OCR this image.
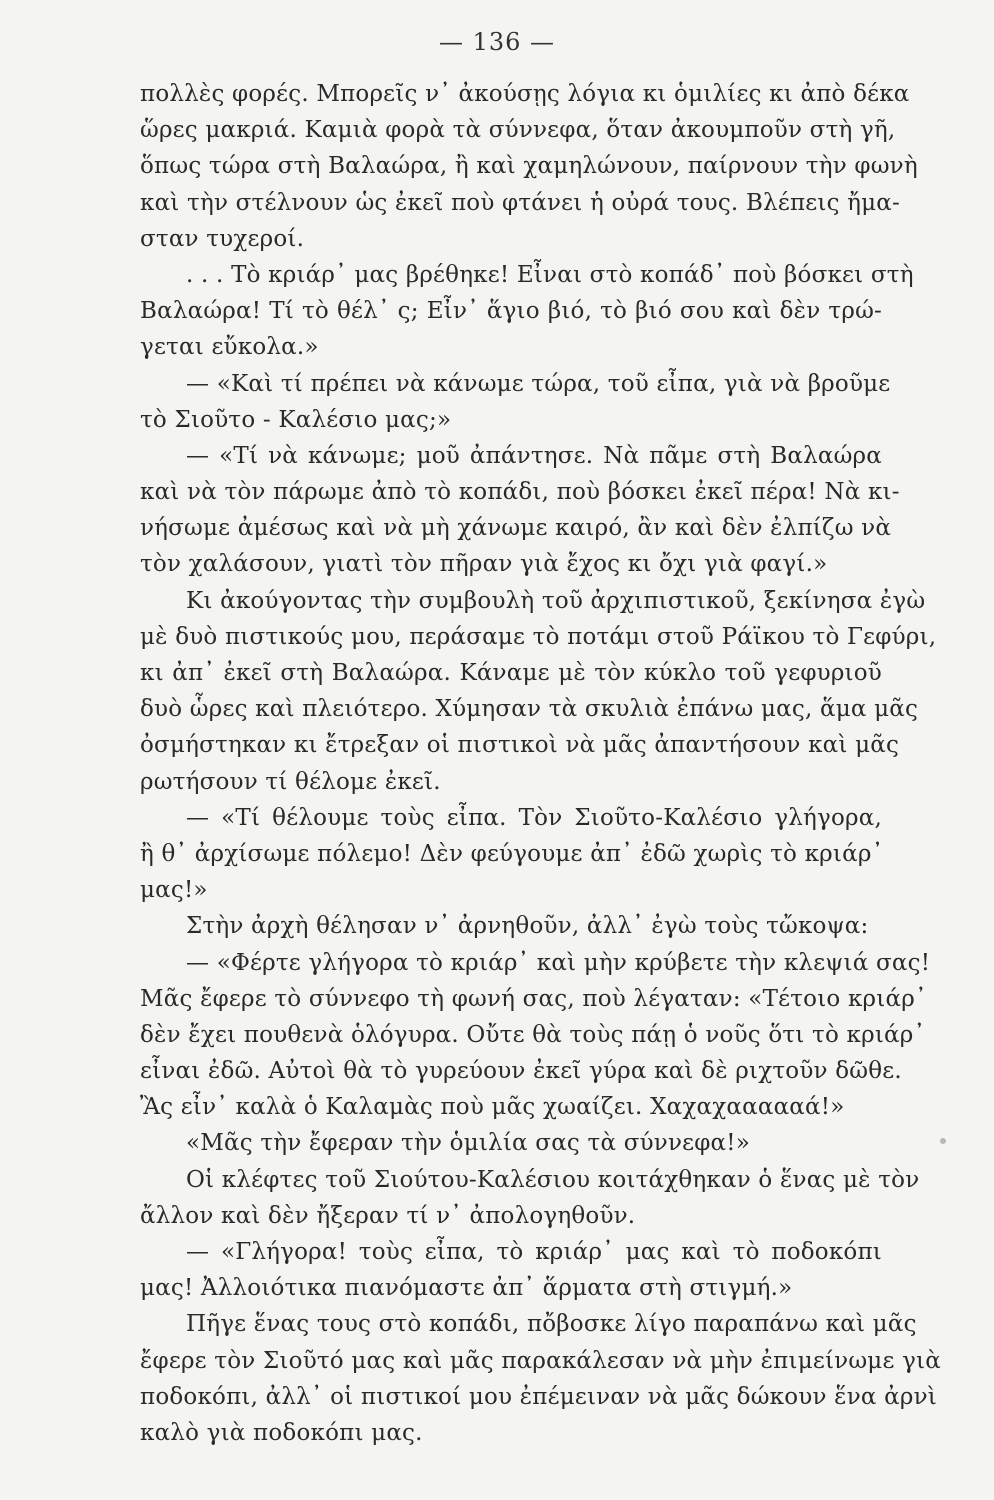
— 136 —
πολλὲς φορές. Μπορεῖς ν᾽ ἀκούσῃς λόγια κι ὁμιλίες κι ἀπὸ δέκα
ὥρες μακριά. Καμιὰ φορὰ τὰ σύννεφα, ὅταν ἀκουμποῦν στὴ γῆ,
ὅπως τώρα στὴ Βαλαώρα, ἢ καὶ χαμηλώνουν, παίρνουν τὴν φωνὴ
καὶ τὴν στέλνουν ὡς ἐκεῖ ποὺ φτάνει ἡ οὐρά τους. Βλέπεις ἤμα-
σταν τυχεροί.
. . . Τὸ κριάρ᾽ μας βρέθηκε! Εἶναι στὸ κοπάδ᾽ ποὺ βόσκει στὴ
Βαλαώρα! Τί τὸ θέλ᾽ ς; Εἶν᾽ ἅγιο βιό, τὸ βιό σου καὶ δὲν τρώ-
γεται εὔκολα.»
— «Καὶ τί πρέπει νὰ κάνωμε τώρα, τοῦ εἶπα, γιὰ νὰ βροῦμε
τὸ Σιοῦτο - Καλέσιο μας;»
— «Τί νὰ κάνωμε; μοῦ ἀπάντησε. Νὰ πᾶμε στὴ Βαλαώρα
καὶ νὰ τὸν πάρωμε ἀπὸ τὸ κοπάδι, ποὺ βόσκει ἐκεῖ πέρα! Νὰ κι-
νήσωμε ἀμέσως καὶ νὰ μὴ χάνωμε καιρό, ἂν καὶ δὲν ἐλπίζω νὰ
τὸν χαλάσουν, γιατὶ τὸν πῆραν γιὰ ἔχος κι ὄχι γιὰ φαγί.»
Κι ἀκούγοντας τὴν συμβουλὴ τοῦ ἀρχιπιστικοῦ, ξεκίνησα ἐγὼ
μὲ δυὸ πιστικούς μου, περάσαμε τὸ ποτάμι στοῦ Ράϊκου τὸ Γεφύρι,
κι ἀπ᾽ ἐκεῖ στὴ Βαλαώρα. Κάναμε μὲ τὸν κύκλο τοῦ γεφυριοῦ
δυὸ ὧρες καὶ πλειότερο. Χύμησαν τὰ σκυλιὰ ἐπάνω μας, ἅμα μᾶς
ὀσμήστηκαν κι ἔτρεξαν οἱ πιστικοὶ νὰ μᾶς ἀπαντήσουν καὶ μᾶς
ρωτήσουν τί θέλομε ἐκεῖ.
— «Τί θέλουμε τοὺς εἶπα. Τὸν Σιοῦτο-Καλέσιο γλήγορα,
ἢ θ᾽ ἀρχίσωμε πόλεμο! Δὲν φεύγουμε ἀπ᾽ ἐδῶ χωρὶς τὸ κριάρ᾽
μας!»
Στὴν ἀρχὴ θέλησαν ν᾽ ἀρνηθοῦν, ἀλλ᾽ ἐγὼ τοὺς τὤκοψα:
— «Φέρτε γλήγορα τὸ κριάρ᾽ καὶ μὴν κρύβετε τὴν κλεψιά σας!
Μᾶς ἔφερε τὸ σύννεφο τὴ φωνή σας, ποὺ λέγαταν: «Τέτοιο κριάρ᾽
δὲν ἔχει πουθενὰ ὁλόγυρα. Οὔτε θὰ τοὺς πάῃ ὁ νοῦς ὅτι τὸ κριάρ᾽
εἶναι ἐδῶ. Αὐτοὶ θὰ τὸ γυρεύουν ἐκεῖ γύρα καὶ δὲ ριχτοῦν δῶθε.
Ἂς εἶν᾽ καλὰ ὁ Καλαμὰς ποὺ μᾶς χωαίζει. Χαχαχαααααά!»
«Μᾶς τὴν ἔφεραν τὴν ὁμιλία σας τὰ σύννεφα!»
Οἱ κλέφτες τοῦ Σιούτου-Καλέσιου κοιτάχθηκαν ὁ ἕνας μὲ τὸν
ἄλλον καὶ δὲν ἤξεραν τί ν᾽ ἀπολογηθοῦν.
— «Γλήγορα! τοὺς εἶπα, τὸ κριάρ᾽ μας καὶ τὸ ποδοκόπι
μας! Ἀλλοιότικα πιανόμαστε ἀπ᾽ ἅρματα στὴ στιγμή.»
Πῆγε ἕνας τους στὸ κοπάδι, πὄβοσκε λίγο παραπάνω καὶ μᾶς
ἔφερε τὸν Σιοῦτό μας καὶ μᾶς παρακάλεσαν νὰ μὴν ἐπιμείνωμε γιὰ
ποδοκόπι, ἀλλ᾽ οἱ πιστικοί μου ἐπέμειναν νὰ μᾶς δώκουν ἕνα ἀρνὶ
καλὸ γιὰ ποδοκόπι μας.
